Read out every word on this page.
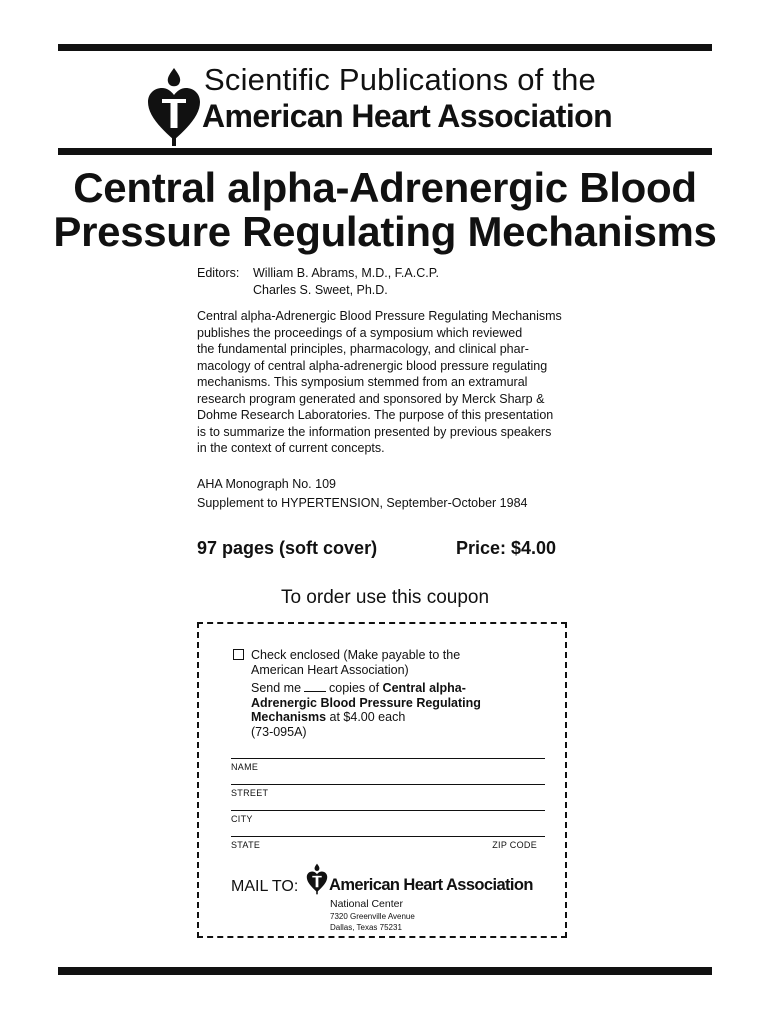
Scientific Publications of the
American Heart Association
Central alpha-Adrenergic Blood
Pressure Regulating Mechanisms
Editors: William B. Abrams, M.D., F.A.C.P.
Charles S. Sweet, Ph.D.
Central alpha-Adrenergic Blood Pressure Regulating Mechanisms
publishes the proceedings of a symposium which reviewed
the fundamental principles, pharmacology, and clinical phar-
macology of central alpha-adrenergic blood pressure regulating
mechanisms. This symposium stemmed from an extramural
research program generated and sponsored by Merck Sharp &
Dohme Research Laboratories. The purpose of this presentation
is to summarize the information presented by previous speakers
in the context of current concepts.
AHA Monograph No. 109
Supplement to HYPERTENSION, September-October 1984
97 pages (soft cover)	Price: $4.00
To order use this coupon
Check enclosed (Make payable to the
American Heart Association)
Send me copies of Central alpha-
Adrenergic Blood Pressure Regulating
Mechanisms at $4.00 each
(73-095A)
NAME
STREET
CITY
STATE	ZIP CODE
MAIL TO: American Heart Association
National Center
7320 Greenville Avenue
Dallas, Texas 75231
